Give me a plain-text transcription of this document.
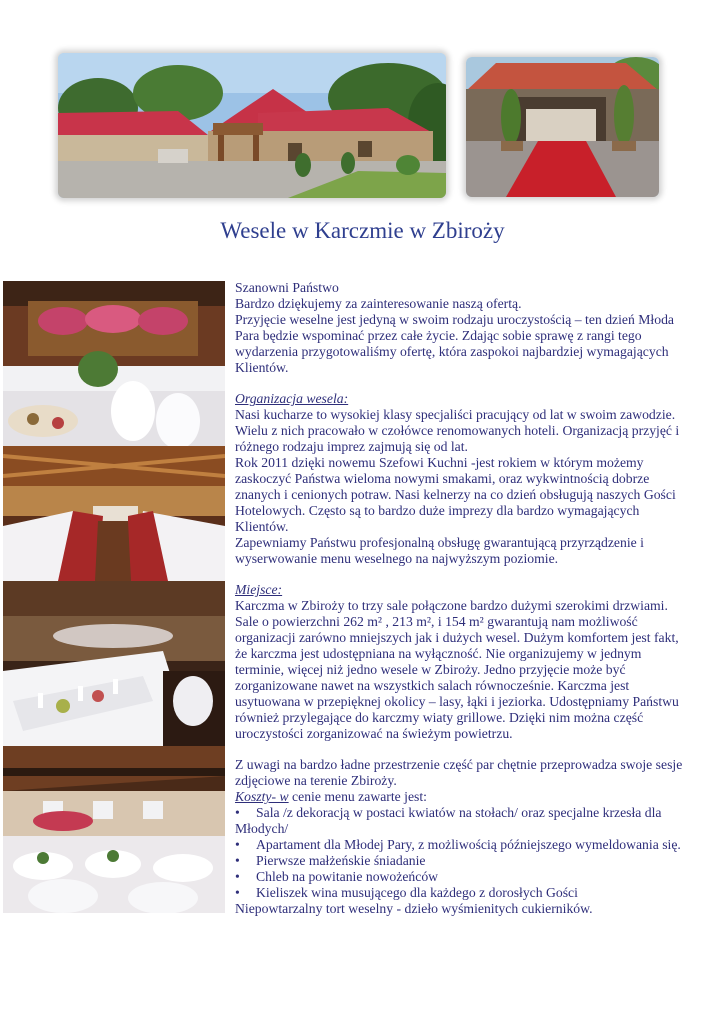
Wesele w Karczmie w Zbiroży

Szanowni Państwo

Bardzo dziękujemy za zainteresowanie naszą ofertą.

Przyjęcie weselne jest jedyną w swoim rodzaju uroczystością – ten dzień Młoda Para będzie wspominać przez całe życie. Zdając sobie sprawę z rangi tego wydarzenia przygotowaliśmy ofertę, która zaspokoi najbardziej wymagających Klientów.

Organizacja wesela:

Nasi kucharze to wysokiej klasy specjaliści pracujący od lat w swoim zawodzie. Wielu z nich pracowało w czołówce renomowanych hoteli. Organizacją przyjęć i różnego rodzaju imprez zajmują się od lat.

Rok 2011 dzięki nowemu Szefowi Kuchni -jest rokiem w którym możemy zaskoczyć Państwa wieloma nowymi smakami, oraz wykwintnością dobrze znanych i cenionych potraw. Nasi kelnerzy na co dzień obsługują naszych Gości Hotelowych. Często są to bardzo duże imprezy dla bardzo wymagających Klientów.

Zapewniamy Państwu profesjonalną obsługę gwarantującą przyrządzenie i wyserwowanie menu weselnego na najwyższym poziomie.

Miejsce:

Karczma w Zbiroży to trzy sale połączone bardzo dużymi szerokimi drzwiami. Sale o powierzchni 262 m² , 213 m², i 154 m² gwarantują nam możliwość organizacji zarówno mniejszych jak i dużych wesel. Dużym komfortem jest fakt, że karczma jest udostępniana na wyłączność. Nie organizujemy w jednym terminie, więcej niż jedno wesele w Zbiroży. Jedno przyjęcie może być zorganizowane nawet na wszystkich salach równocześnie. Karczma jest usytuowana w przepięknej okolicy – lasy, łąki i jeziorka. Udostępniamy Państwu również przylegające do karczmy wiaty grillowe. Dzięki nim można część uroczystości zorganizować na świeżym powietrzu.

Z uwagi na bardzo ładne przestrzenie część par chętnie przeprowadza swoje sesje zdjęciowe na terenie Zbiroży.

Koszty- w cenie menu zawarte jest:

• Sala /z dekoracją w postaci kwiatów na stołach/ oraz specjalne krzesła dla Młodych/

• Apartament dla Młodej Pary, z możliwością późniejszego wymeldowania się.

• Pierwsze małżeńskie śniadanie

• Chleb na powitanie nowożeńców

• Kieliszek wina musującego dla każdego z dorosłych Gości

Niepowtarzalny tort weselny - dzieło wyśmienitych cukierników.
